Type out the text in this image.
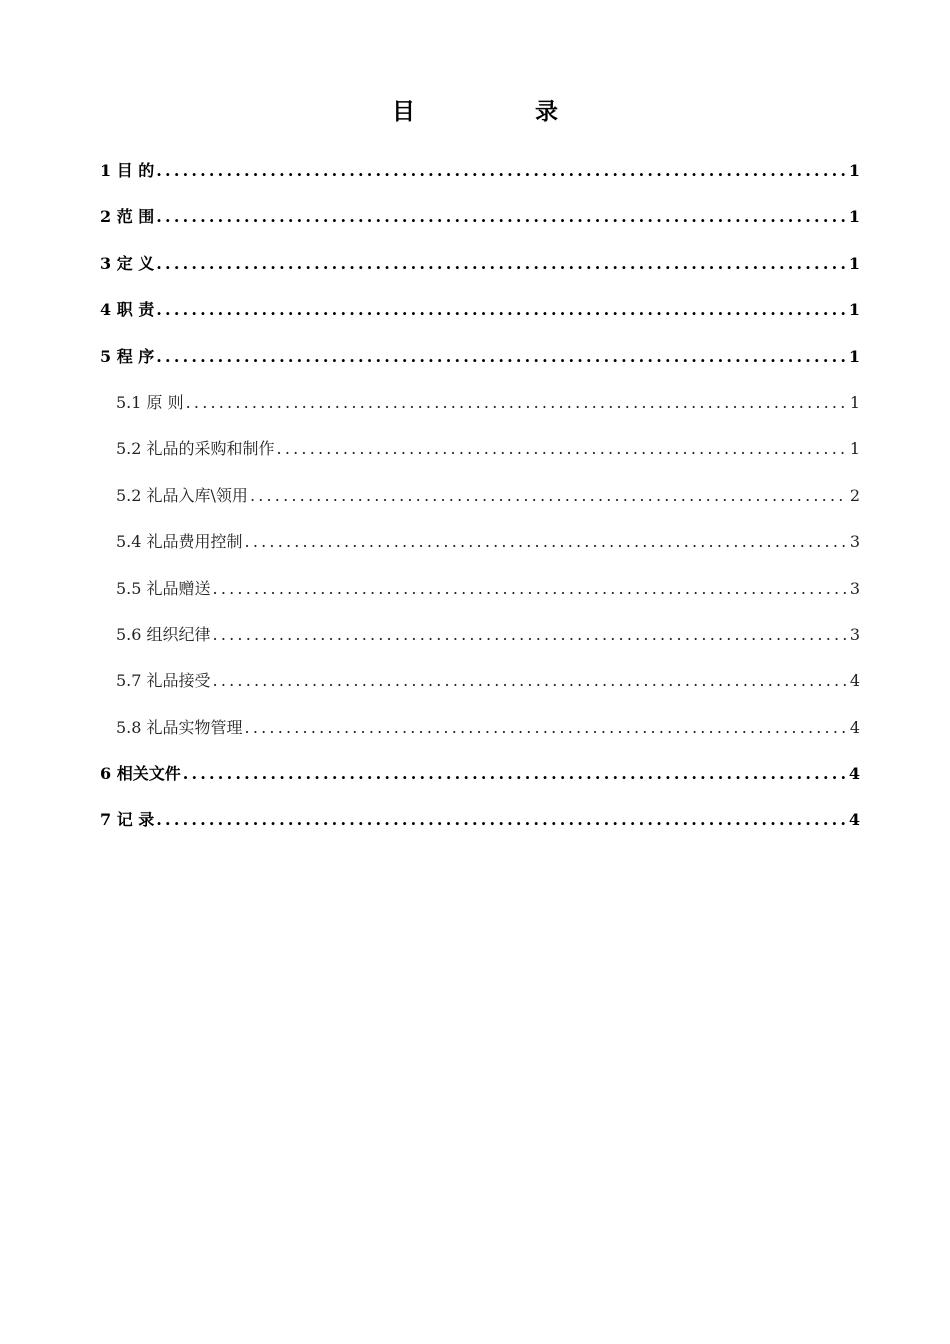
目 录
1 目 的 .....	1
2 范 围 .....	1
3 定 义 .....	1
4 职 责 .....	1
5 程 序 .....	1
5.1 原 则 .....	1
5.2 礼品的采购和制作 .....	1
5.2 礼品入库\领用 .....	2
5.4 礼品费用控制 .....	3
5.5 礼品赠送 .....	3
5.6 组织纪律 .....	3
5.7 礼品接受 .....	4
5.8 礼品实物管理 .....	4
6 相关文件 .....	4
7 记 录 .....	4
